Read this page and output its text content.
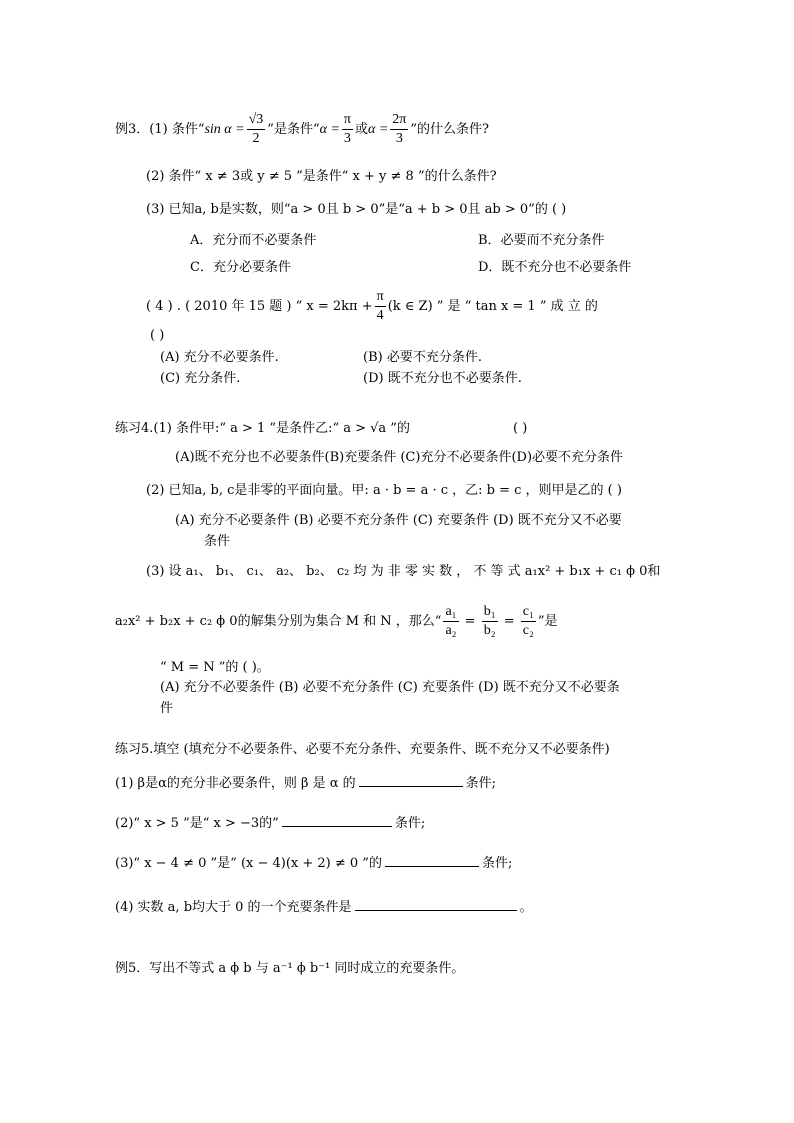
例3．(1) 条件“sin $\alpha = \frac{√3}{2}$ ”是条件“$\alpha = \frac{\pi}{3}$ 或$\alpha = \frac{2\pi}{3}$ ”的什么条件?
(2) 条件“ x ≠ 3或 y ≠ 5 ”是条件“ x + y ≠ 8 ”的什么条件?
(3) 已知a, b是实数，则“a > 0且 b > 0”是“a + b > 0且 ab > 0”的 ( )
A．充分而不必要条件	B．必要而不充分条件
C．充分必要条件	D．既不充分也不必要条件
( 4 ) . ( 2010 年 15 题 ) “ $x = 2k\pi + \frac{\pi}{4} (k$ ∈ Z) ” 是 “ tan x = 1 ” 成 立 的
( )
(A) 充分不必要条件.	(B) 必要不充分条件.
(C) 充分条件.	(D) 既不充分也不必要条件.
练习4.(1) 条件甲:“ a > 1 ”是条件乙:“ a > √a ”的	( )
(A)既不充分也不必要条件(B)充要条件 (C)充分不必要条件(D)必要不充分条件
(2) 已知a, b, c是非零的平面向量。甲: a · b = a · c ，乙: b = c ，则甲是乙的 ( )
(A) 充分不必要条件 (B) 必要不充分条件 (C) 充要条件 (D) 既不充分又不必要
条件
(3) 设 a₁、 b₁、 c₁、 a₂、 b₂、 c₂ 均 为 非 零 实 数 ， 不 等 式 a₁x² + b₁x + c₁ ϕ 0和
a₂x² + b₂x + c₂ ϕ 0的解集分别为集合 M 和 N ，那么“ $\frac{\text{a₁}}{\text{a₂}} = \frac{\text{b₁}}{\text{b₂}} = \frac{\text{c₁}}{\text{c₂}}$ ”是
“ M = N ”的 ( )。
(A) 充分不必要条件 (B) 必要不充分条件 (C) 充要条件 (D) 既不充分又不必要条
件
练习5.填空 (填充分不必要条件、必要不充分条件、充要条件、既不充分又不必要条件)
(1) β是α的充分非必要条件，则 β 是 α 的	条件;
(2)“ x > 5 ”是“ x > −3的”	条件;
(3)“ x − 4 ≠ 0 ”是“ (x − 4)(x + 2) ≠ 0 ”的	条件;
(4) 实数 a, b均大于 0 的一个充要条件是	。
例5．写出不等式 a ϕ b 与 a⁻¹ ϕ b⁻¹ 同时成立的充要条件。
